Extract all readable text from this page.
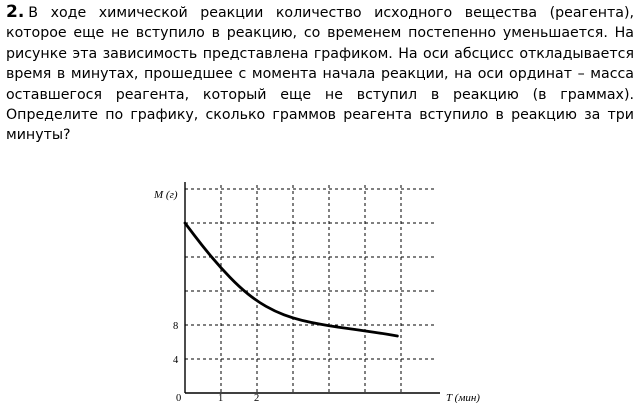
2. В ходе химической реакции количество исходного вещества (реагента), которое еще не вступило в реакцию, со временем постепенно уменьшается. На рисунке эта зависимость представлена графиком. На оси абсцисс откладывается время в минутах, прошедшее с момента начала реакции, на оси ординат – масса оставшегося реагента, который еще не вступил в реакцию (в граммах). Определите по графику, сколько граммов реагента вступило в реакцию за три минуты?
M (г)
T (мин)
0	1	2
4
8
